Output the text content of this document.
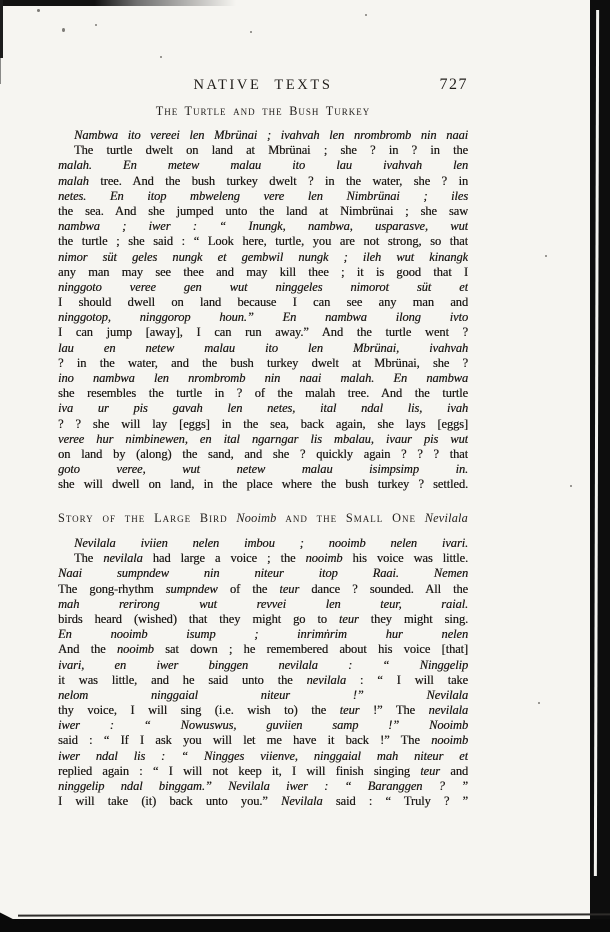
NATIVE TEXTS	727
The Turtle and the Bush Turkey
Nambwa ito vereei len Mbrünai ; ivahvah len nrombromb nin naai
The turtle dwelt on land at Mbrünai ; she ? in ? in the
malah. En metew malau ito lau ivahvah len
malah tree. And the bush turkey dwelt ? in the water, she ? in
netes. En itop mbweleng vere len Nimbrünai ; iles
the sea. And she jumped unto the land at Nimbrünai ; she saw
nambwa ; iwer : “ Inungk, nambwa, usparasve, wut
the turtle ; she said : “ Look here, turtle, you are not strong, so that
nimor süt geles nungk et gembwil nungk ; ileh wut kinangk
any man may see thee and may kill thee ; it is good that I
ninggoto veree gen wut ninggeles nimorot süt et
I should dwell on land because I can see any man and
ninggotop, ninggorop houn.” En nambwa ilong ivto
I can jump [away], I can run away.” And the turtle went ?
lau en netew malau ito len Mbrünai, ivahvah
? in the water, and the bush turkey dwelt at Mbrünai, she ?
ino nambwa len nrombromb nin naai malah. En nambwa
she resembles the turtle in ? of the malah tree. And the turtle
iva ur pis gavah len netes, ital ndal lis, ivah
? ? she will lay [eggs] in the sea, back again, she lays [eggs]
veree hur nimbinewen, en ital ngarngar lis mbalau, ivaur pis wut
on land by (along) the sand, and she ? quickly again ? ? ? that
goto veree, wut netew malau isimpsimp in.
she will dwell on land, in the place where the bush turkey ? settled.
Story of the Large Bird Nooimb and the Small One Nevilala
Nevilala iviien nelen imbou ; nooimb nelen ivari.
The nevilala had large a voice ; the nooimb his voice was little.
Naai sumpndew nin niteur itop Raai. Nemen
The gong-rhythm sumpndew of the teur dance ? sounded. All the
mah rerirong wut revvei len teur, raial.
birds heard (wished) that they might go to teur they might sing.
En nooimb isump ; inrimṅrim hur nelen
And the nooimb sat down ; he remembered about his voice [that]
ivari, en iwer binggen nevilala : “ Ninggelip
it was little, and he said unto the nevilala : “ I will take
nelom ninggaial niteur !” Nevilala
thy voice, I will sing (i.e. wish to) the teur !” The nevilala
iwer : “ Nowuswus, guviien samp !” Nooimb
said : “ If I ask you will let me have it back !” The nooimb
iwer ndal lis : “ Ningges viienve, ninggaial mah niteur et
replied again : “ I will not keep it, I will finish singing teur and
ninggelip ndal binggam.” Nevilala iwer : “ Baranggen ? ”
I will take (it) back unto you.” Nevilala said : “ Truly ? ”
